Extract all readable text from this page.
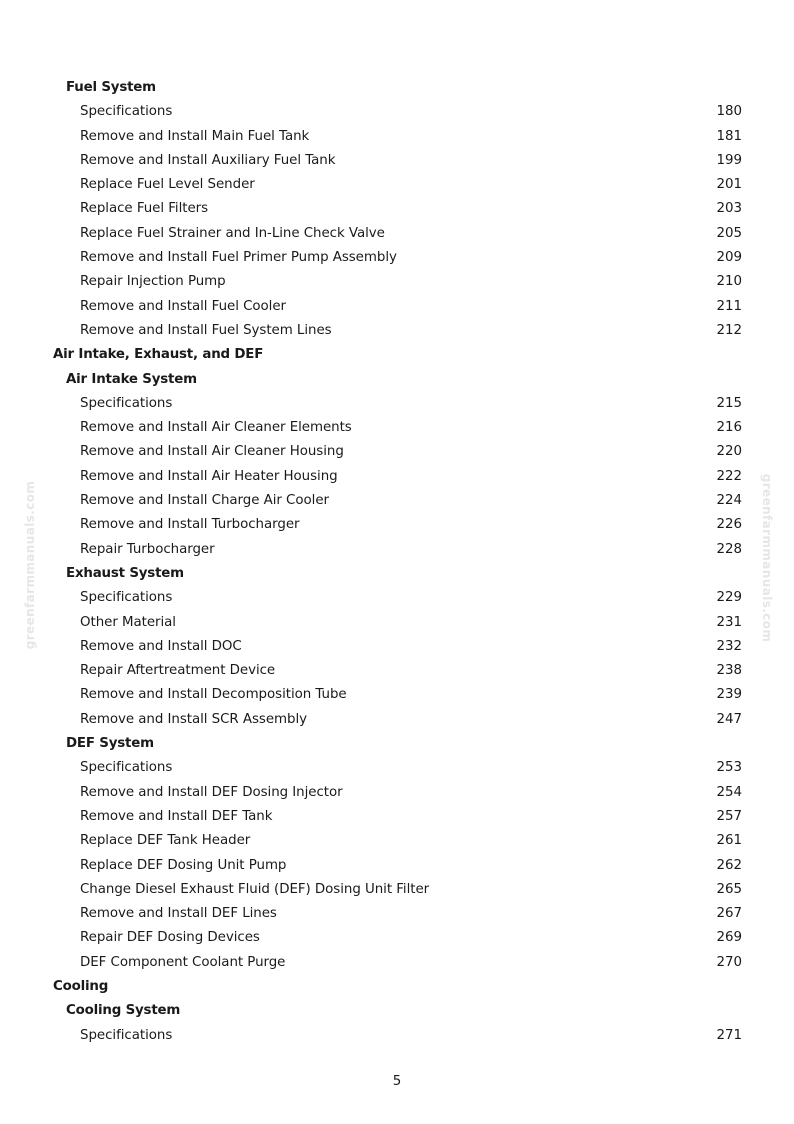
Fuel System
Specifications	180
Remove and Install Main Fuel Tank	181
Remove and Install Auxiliary Fuel Tank	199
Replace Fuel Level Sender	201
Replace Fuel Filters	203
Replace Fuel Strainer and In-Line Check Valve	205
Remove and Install Fuel Primer Pump Assembly	209
Repair Injection Pump	210
Remove and Install Fuel Cooler	211
Remove and Install Fuel System Lines	212
Air Intake, Exhaust, and DEF
Air Intake System
Specifications	215
Remove and Install Air Cleaner Elements	216
Remove and Install Air Cleaner Housing	220
Remove and Install Air Heater Housing	222
Remove and Install Charge Air Cooler	224
Remove and Install Turbocharger	226
Repair Turbocharger	228
Exhaust System
Specifications	229
Other Material	231
Remove and Install DOC	232
Repair Aftertreatment Device	238
Remove and Install Decomposition Tube	239
Remove and Install SCR Assembly	247
DEF System
Specifications	253
Remove and Install DEF Dosing Injector	254
Remove and Install DEF Tank	257
Replace DEF Tank Header	261
Replace DEF Dosing Unit Pump	262
Change Diesel Exhaust Fluid (DEF) Dosing Unit Filter	265
Remove and Install DEF Lines	267
Repair DEF Dosing Devices	269
DEF Component Coolant Purge	270
Cooling
Cooling System
Specifications	271
5
greenfarmmanuals.com	greenfarmmanuals.com
